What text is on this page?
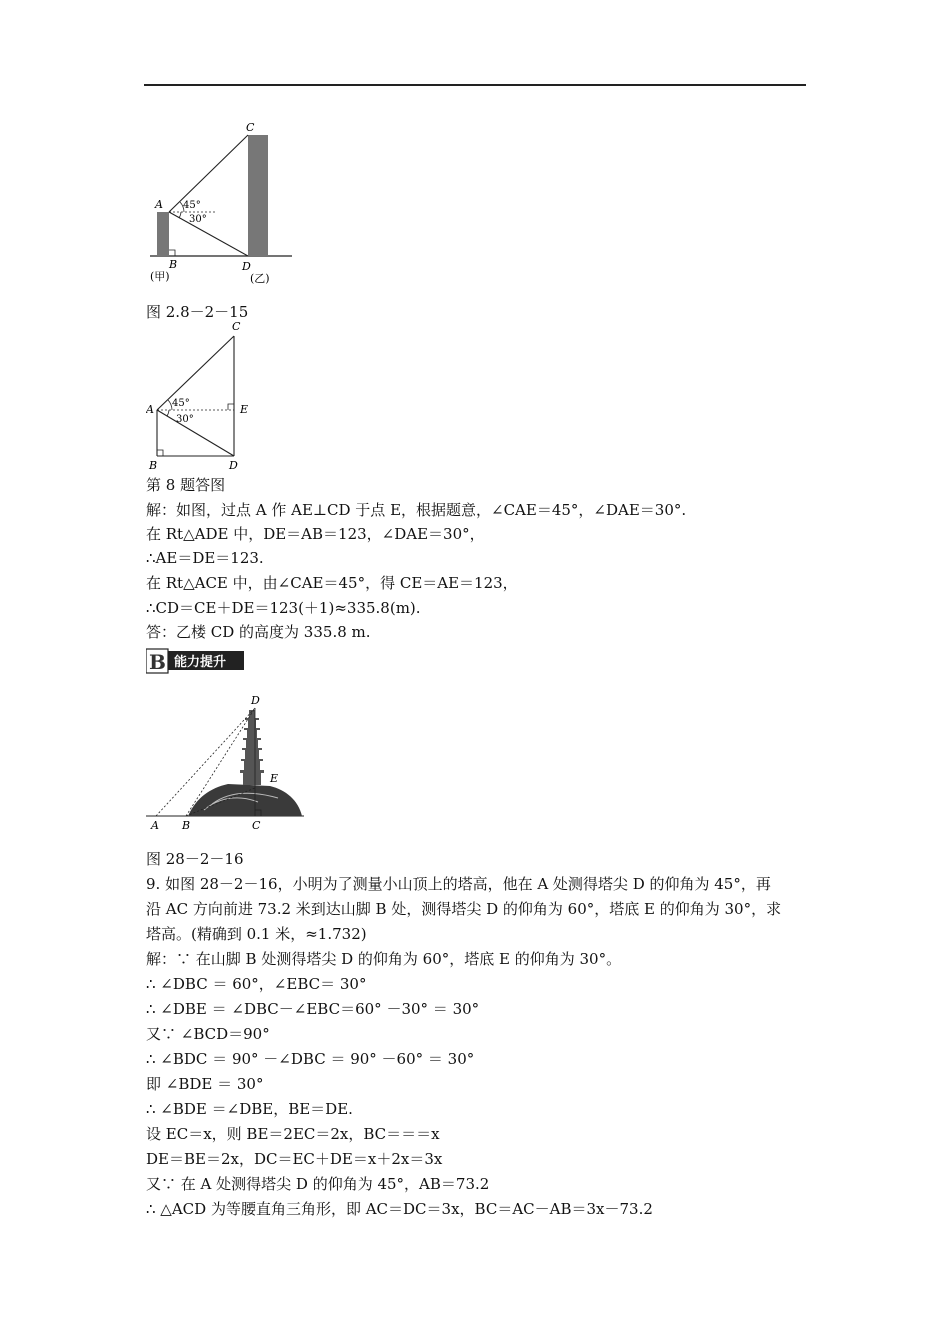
C
A 45°
30°
B	D
(甲)	(乙)
图 2.8－2－15
C
A 45°
30°
E
B	D
第 8 题答图
解：如图，过点 A 作 AE⊥CD 于点 E，根据题意，∠CAE＝45°，∠DAE＝30°.
在 Rt△ADE 中，DE＝AB＝123，∠DAE＝30°，
∴AE＝DE＝123.
在 Rt△ACE 中，由∠CAE＝45°，得 CE＝AE＝123，
∴CD＝CE＋DE＝123(＋1)≈335.8(m).
答：乙楼 CD 的高度为 335.8 m.
B 能力提升
D
E
A B	C
图 28－2－16
9. 如图 28－2－16，小明为了测量小山顶上的塔高，他在 A 处测得塔尖 D 的仰角为 45°，再
沿 AC 方向前进 73.2 米到达山脚 B 处，测得塔尖 D 的仰角为 60°，塔底 E 的仰角为 30°，求
塔高。(精确到 0.1 米，≈1.732)
解：∵ 在山脚 B 处测得塔尖 D 的仰角为 60°，塔底 E 的仰角为 30°。
∴ ∠DBC ＝ 60°，∠EBC＝ 30°
∴ ∠DBE ＝ ∠DBC－∠EBC＝60° －30° ＝ 30°
又∵ ∠BCD＝90°
∴ ∠BDC ＝ 90° －∠DBC ＝ 90° －60° ＝ 30°
即 ∠BDE ＝ 30°
∴ ∠BDE ＝∠DBE，BE＝DE.
设 EC＝x，则 BE＝2EC＝2x，BC＝＝＝x
DE＝BE＝2x，DC＝EC＋DE＝x＋2x＝3x
又∵ 在 A 处测得塔尖 D 的仰角为 45°，AB＝73.2
∴ △ACD 为等腰直角三角形，即 AC＝DC＝3x，BC＝AC－AB＝3x－73.2
